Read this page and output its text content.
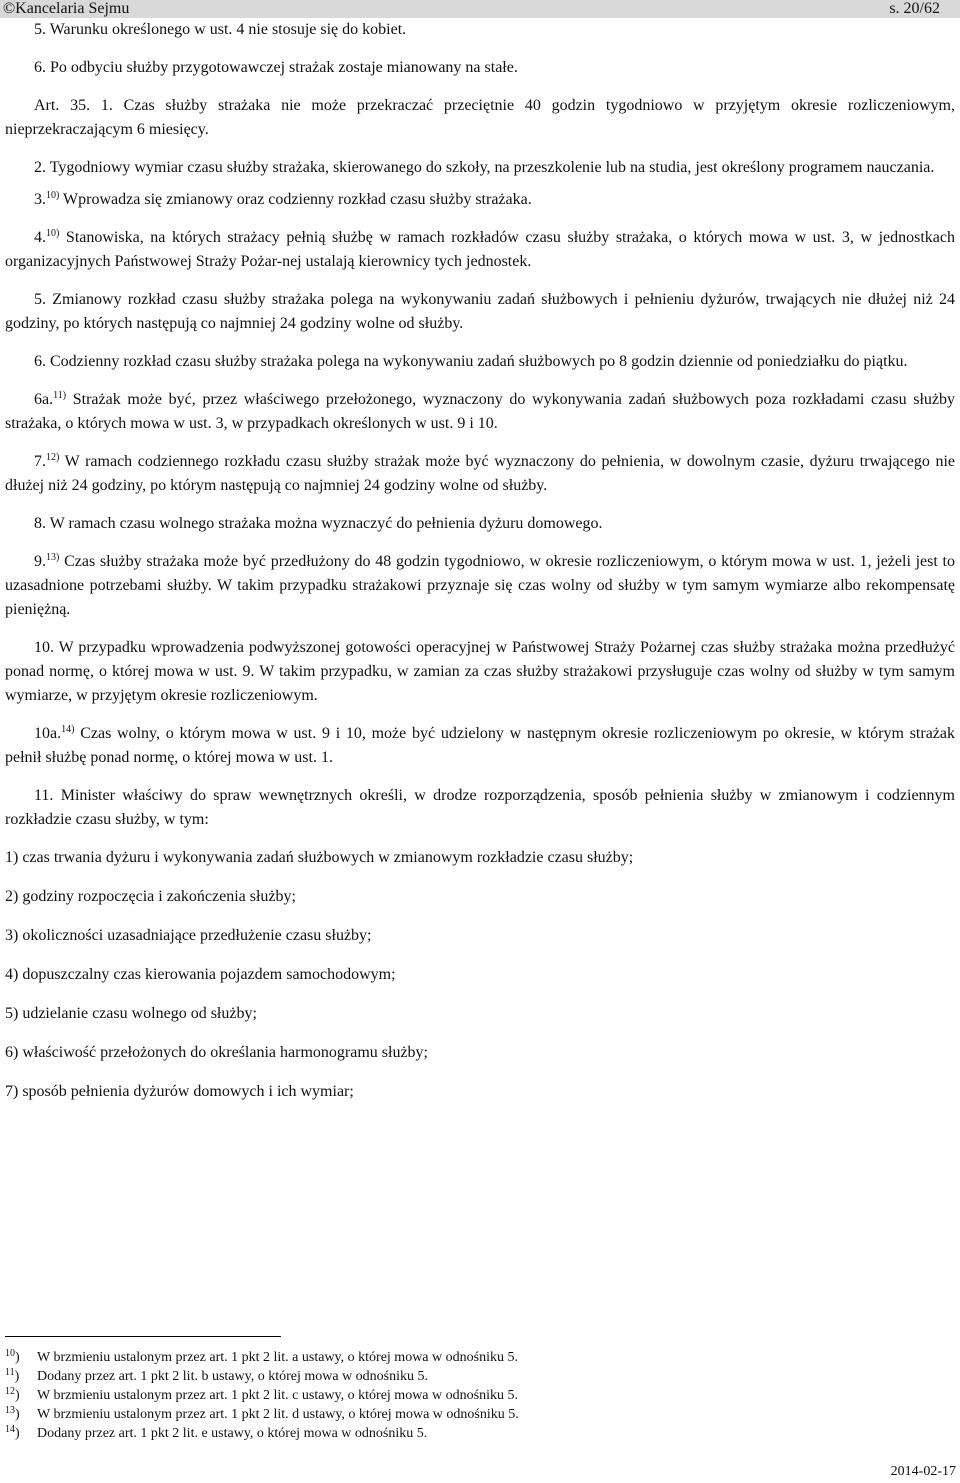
©Kancelaria Sejmu	s. 20/62

5. Warunku określonego w ust. 4 nie stosuje się do kobiet.

6. Po odbyciu służby przygotowawczej strażak zostaje mianowany na stałe.

Art. 35. 1. Czas służby strażaka nie może przekraczać przeciętnie 40 godzin tygodniowo w przyjętym okresie rozliczeniowym, nieprzekraczającym 6 miesięcy.

2. Tygodniowy wymiar czasu służby strażaka, skierowanego do szkoły, na przeszkolenie lub na studia, jest określony programem nauczania.

3.$^{10)}$ Wprowadza się zmianowy oraz codzienny rozkład czasu służby strażaka.

4.$^{10)}$ Stanowiska, na których strażacy pełnią służbę w ramach rozkładów czasu służby strażaka, o których mowa w ust. 3, w jednostkach organizacyjnych Państwowej Straży Pożar-nej ustalają kierownicy tych jednostek.

5. Zmianowy rozkład czasu służby strażaka polega na wykonywaniu zadań służbowych i pełnieniu dyżurów, trwających nie dłużej niż 24 godziny, po których następują co najmniej 24 godziny wolne od służby.

6. Codzienny rozkład czasu służby strażaka polega na wykonywaniu zadań służbowych po 8 godzin dziennie od poniedziałku do piątku.

6a.$^{11)}$ Strażak może być, przez właściwego przełożonego, wyznaczony do wykonywania zadań służbowych poza rozkładami czasu służby strażaka, o których mowa w ust. 3, w przypadkach określonych w ust. 9 i 10.

7.$^{12)}$ W ramach codziennego rozkładu czasu służby strażak może być wyznaczony do pełnienia, w dowolnym czasie, dyżuru trwającego nie dłużej niż 24 godziny, po którym następują co najmniej 24 godziny wolne od służby.

8. W ramach czasu wolnego strażaka można wyznaczyć do pełnienia dyżuru domowego.

9.$^{13)}$ Czas służby strażaka może być przedłużony do 48 godzin tygodniowo, w okresie rozliczeniowym, o którym mowa w ust. 1, jeżeli jest to uzasadnione potrzebami służby. W takim przypadku strażakowi przyznaje się czas wolny od służby w tym samym wymiarze albo rekompensatę pieniężną.

10. W przypadku wprowadzenia podwyższonej gotowości operacyjnej w Państwowej Straży Pożarnej czas służby strażaka można przedłużyć ponad normę, o której mowa w ust. 9. W takim przypadku, w zamian za czas służby strażakowi przysługuje czas wolny od służby w tym samym wymiarze, w przyjętym okresie rozliczeniowym.

10a.$^{14)}$ Czas wolny, o którym mowa w ust. 9 i 10, może być udzielony w następnym okresie rozliczeniowym po okresie, w którym strażak pełnił służbę ponad normę, o której mowa w ust. 1.

11. Minister właściwy do spraw wewnętrznych określi, w drodze rozporządzenia, sposób pełnienia służby w zmianowym i codziennym rozkładzie czasu służby, w tym:

1) czas trwania dyżuru i wykonywania zadań służbowych w zmianowym rozkładzie czasu służby;

2) godziny rozpoczęcia i zakończenia służby;

3) okoliczności uzasadniające przedłużenie czasu służby;

4) dopuszczalny czas kierowania pojazdem samochodowym;

5) udzielanie czasu wolnego od służby;

6) właściwość przełożonych do określania harmonogramu służby;

7) sposób pełnienia dyżurów domowych i ich wymiar;

$^{10}$) W brzmieniu ustalonym przez art. 1 pkt 2 lit. a ustawy, o której mowa w odnośniku 5.
$^{11}$) Dodany przez art. 1 pkt 2 lit. b ustawy, o której mowa w odnośniku 5.
$^{12}$) W brzmieniu ustalonym przez art. 1 pkt 2 lit. c ustawy, o której mowa w odnośniku 5.
$^{13}$) W brzmieniu ustalonym przez art. 1 pkt 2 lit. d ustawy, o której mowa w odnośniku 5.
$^{14}$) Dodany przez art. 1 pkt 2 lit. e ustawy, o której mowa w odnośniku 5.
2014-02-17
